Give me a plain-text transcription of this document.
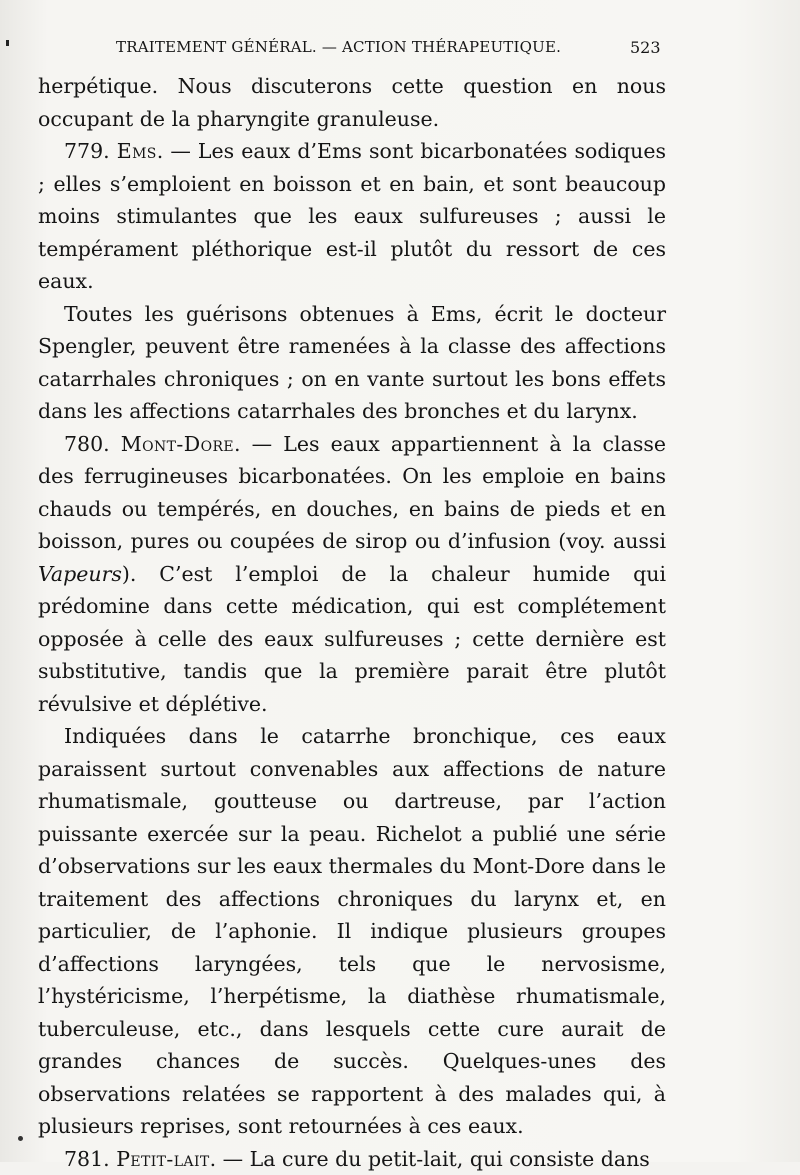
TRAITEMENT GÉNÉRAL. — ACTION THÉRAPEUTIQUE.	523

herpétique. Nous discuterons cette question en nous occupant de la pharyngite granuleuse.

779. Ems. — Les eaux d’Ems sont bicarbonatées sodiques ; elles s’emploient en boisson et en bain, et sont beaucoup moins stimulantes que les eaux sulfureuses ; aussi le tempérament pléthorique est-il plutôt du ressort de ces eaux.

Toutes les guérisons obtenues à Ems, écrit le docteur Spengler, peuvent être ramenées à la classe des affections catarrhales chroniques ; on en vante surtout les bons effets dans les affections catarrhales des bronches et du larynx.

780. Mont-Dore. — Les eaux appartiennent à la classe des ferrugineuses bicarbonatées. On les emploie en bains chauds ou tempérés, en douches, en bains de pieds et en boisson, pures ou coupées de sirop ou d’infusion (voy. aussi Vapeurs). C’est l’emploi de la chaleur humide qui prédomine dans cette médication, qui est complétement opposée à celle des eaux sulfureuses ; cette dernière est substitutive, tandis que la première parait être plutôt révulsive et déplétive.

Indiquées dans le catarrhe bronchique, ces eaux paraissent surtout convenables aux affections de nature rhumatismale, goutteuse ou dartreuse, par l’action puissante exercée sur la peau. Richelot a publié une série d’observations sur les eaux thermales du Mont-Dore dans le traitement des affections chroniques du larynx et, en particulier, de l’aphonie. Il indique plusieurs groupes d’affections laryngées, tels que le nervosisme, l’hystéricisme, l’herpétisme, la diathèse rhumatismale, tuberculeuse, etc., dans lesquels cette cure aurait de grandes chances de succès. Quelques-unes des observations relatées se rapportent à des malades qui, à plusieurs reprises, sont retournées à ces eaux.

781. Petit-lait. — La cure du petit-lait, qui consiste dans
